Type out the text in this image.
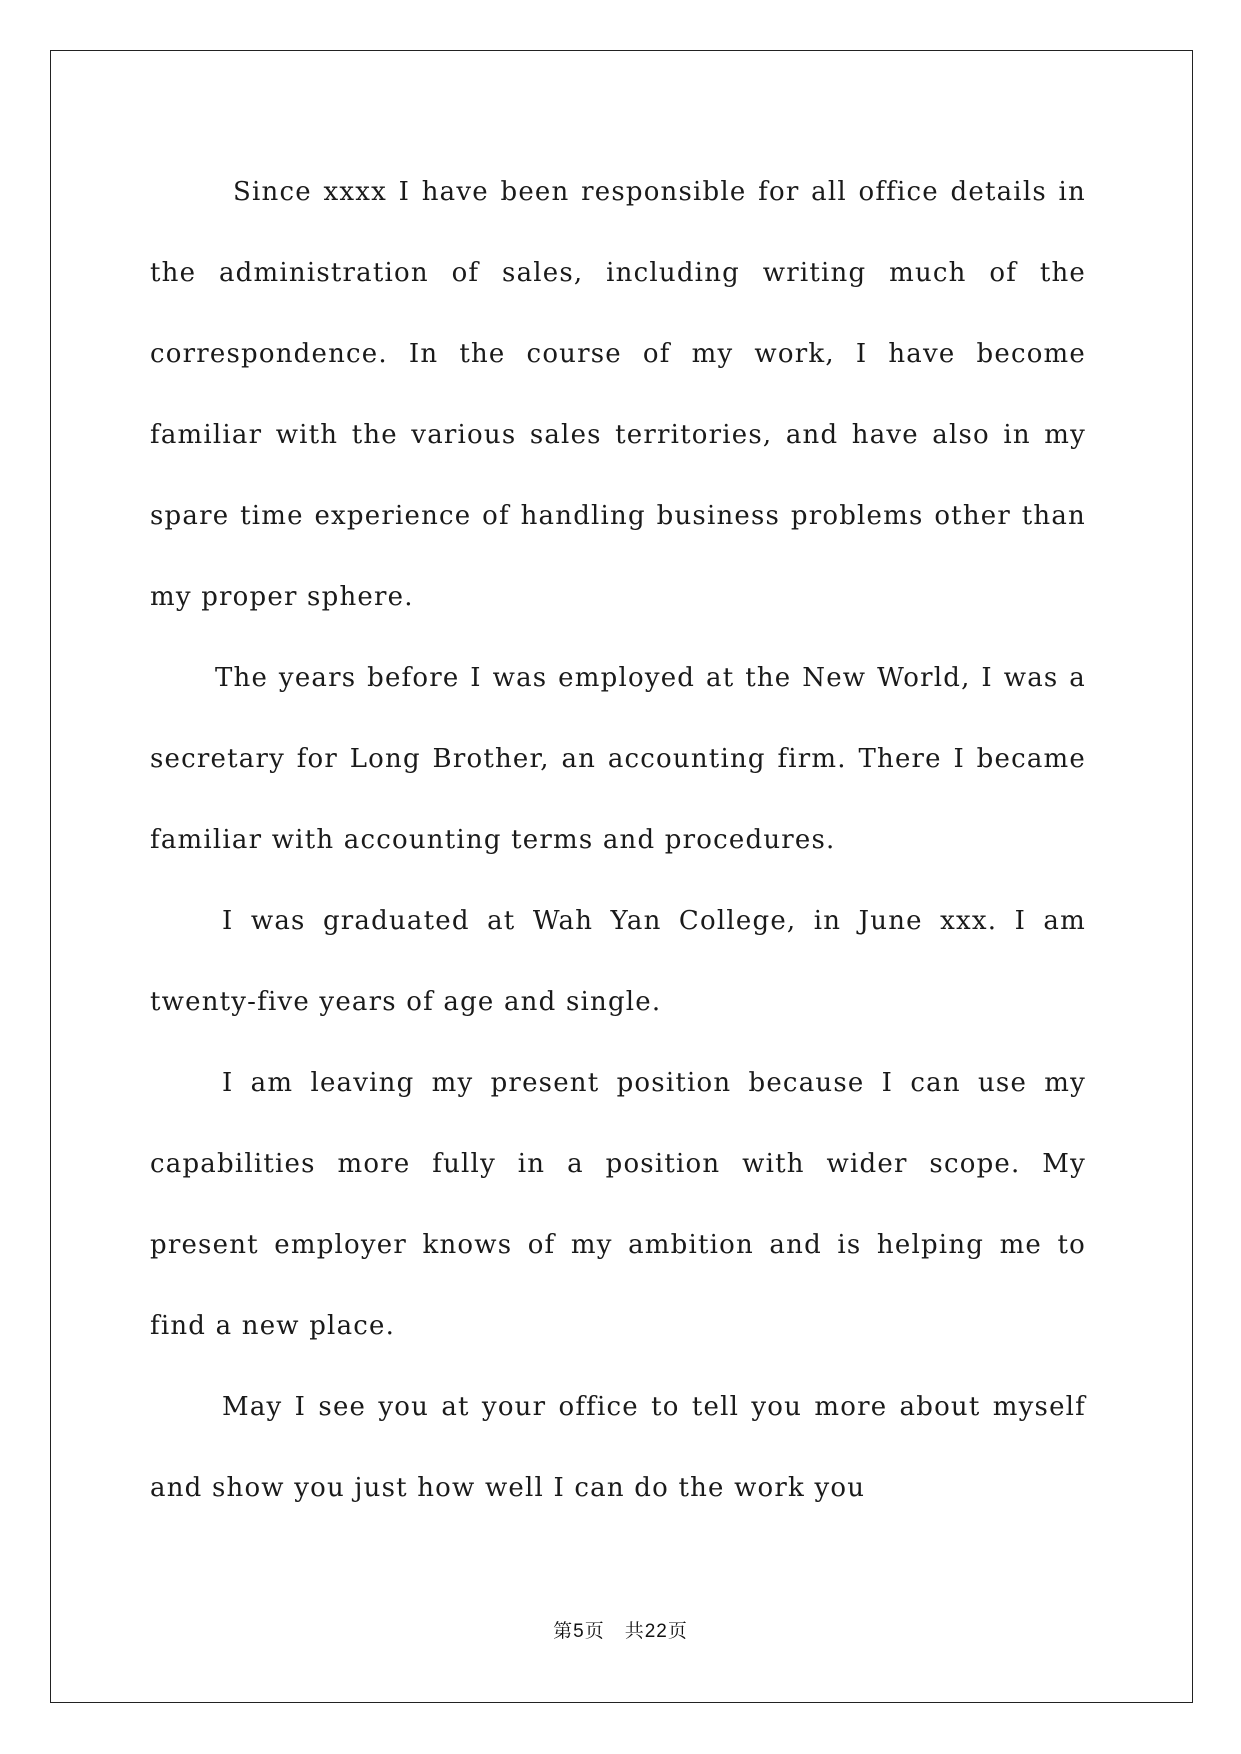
Since xxxx I have been responsible for all office details in the administration of sales, including writing much of the correspondence. In the course of my work, I have become familiar with the various sales territories, and have also in my spare time experience of handling business problems other than my proper sphere.

The years before I was employed at the New World, I was a secretary for Long Brother, an accounting firm. There I became familiar with accounting terms and procedures.

I was graduated at Wah Yan College, in June xxx. I am twenty-five years of age and single.

I am leaving my present position because I can use my capabilities more fully in a position with wider scope. My present employer knows of my ambition and is helping me to find a new place.

May I see you at your office to tell you more about myself and show you just how well I can do the work you

第5页 共22页
